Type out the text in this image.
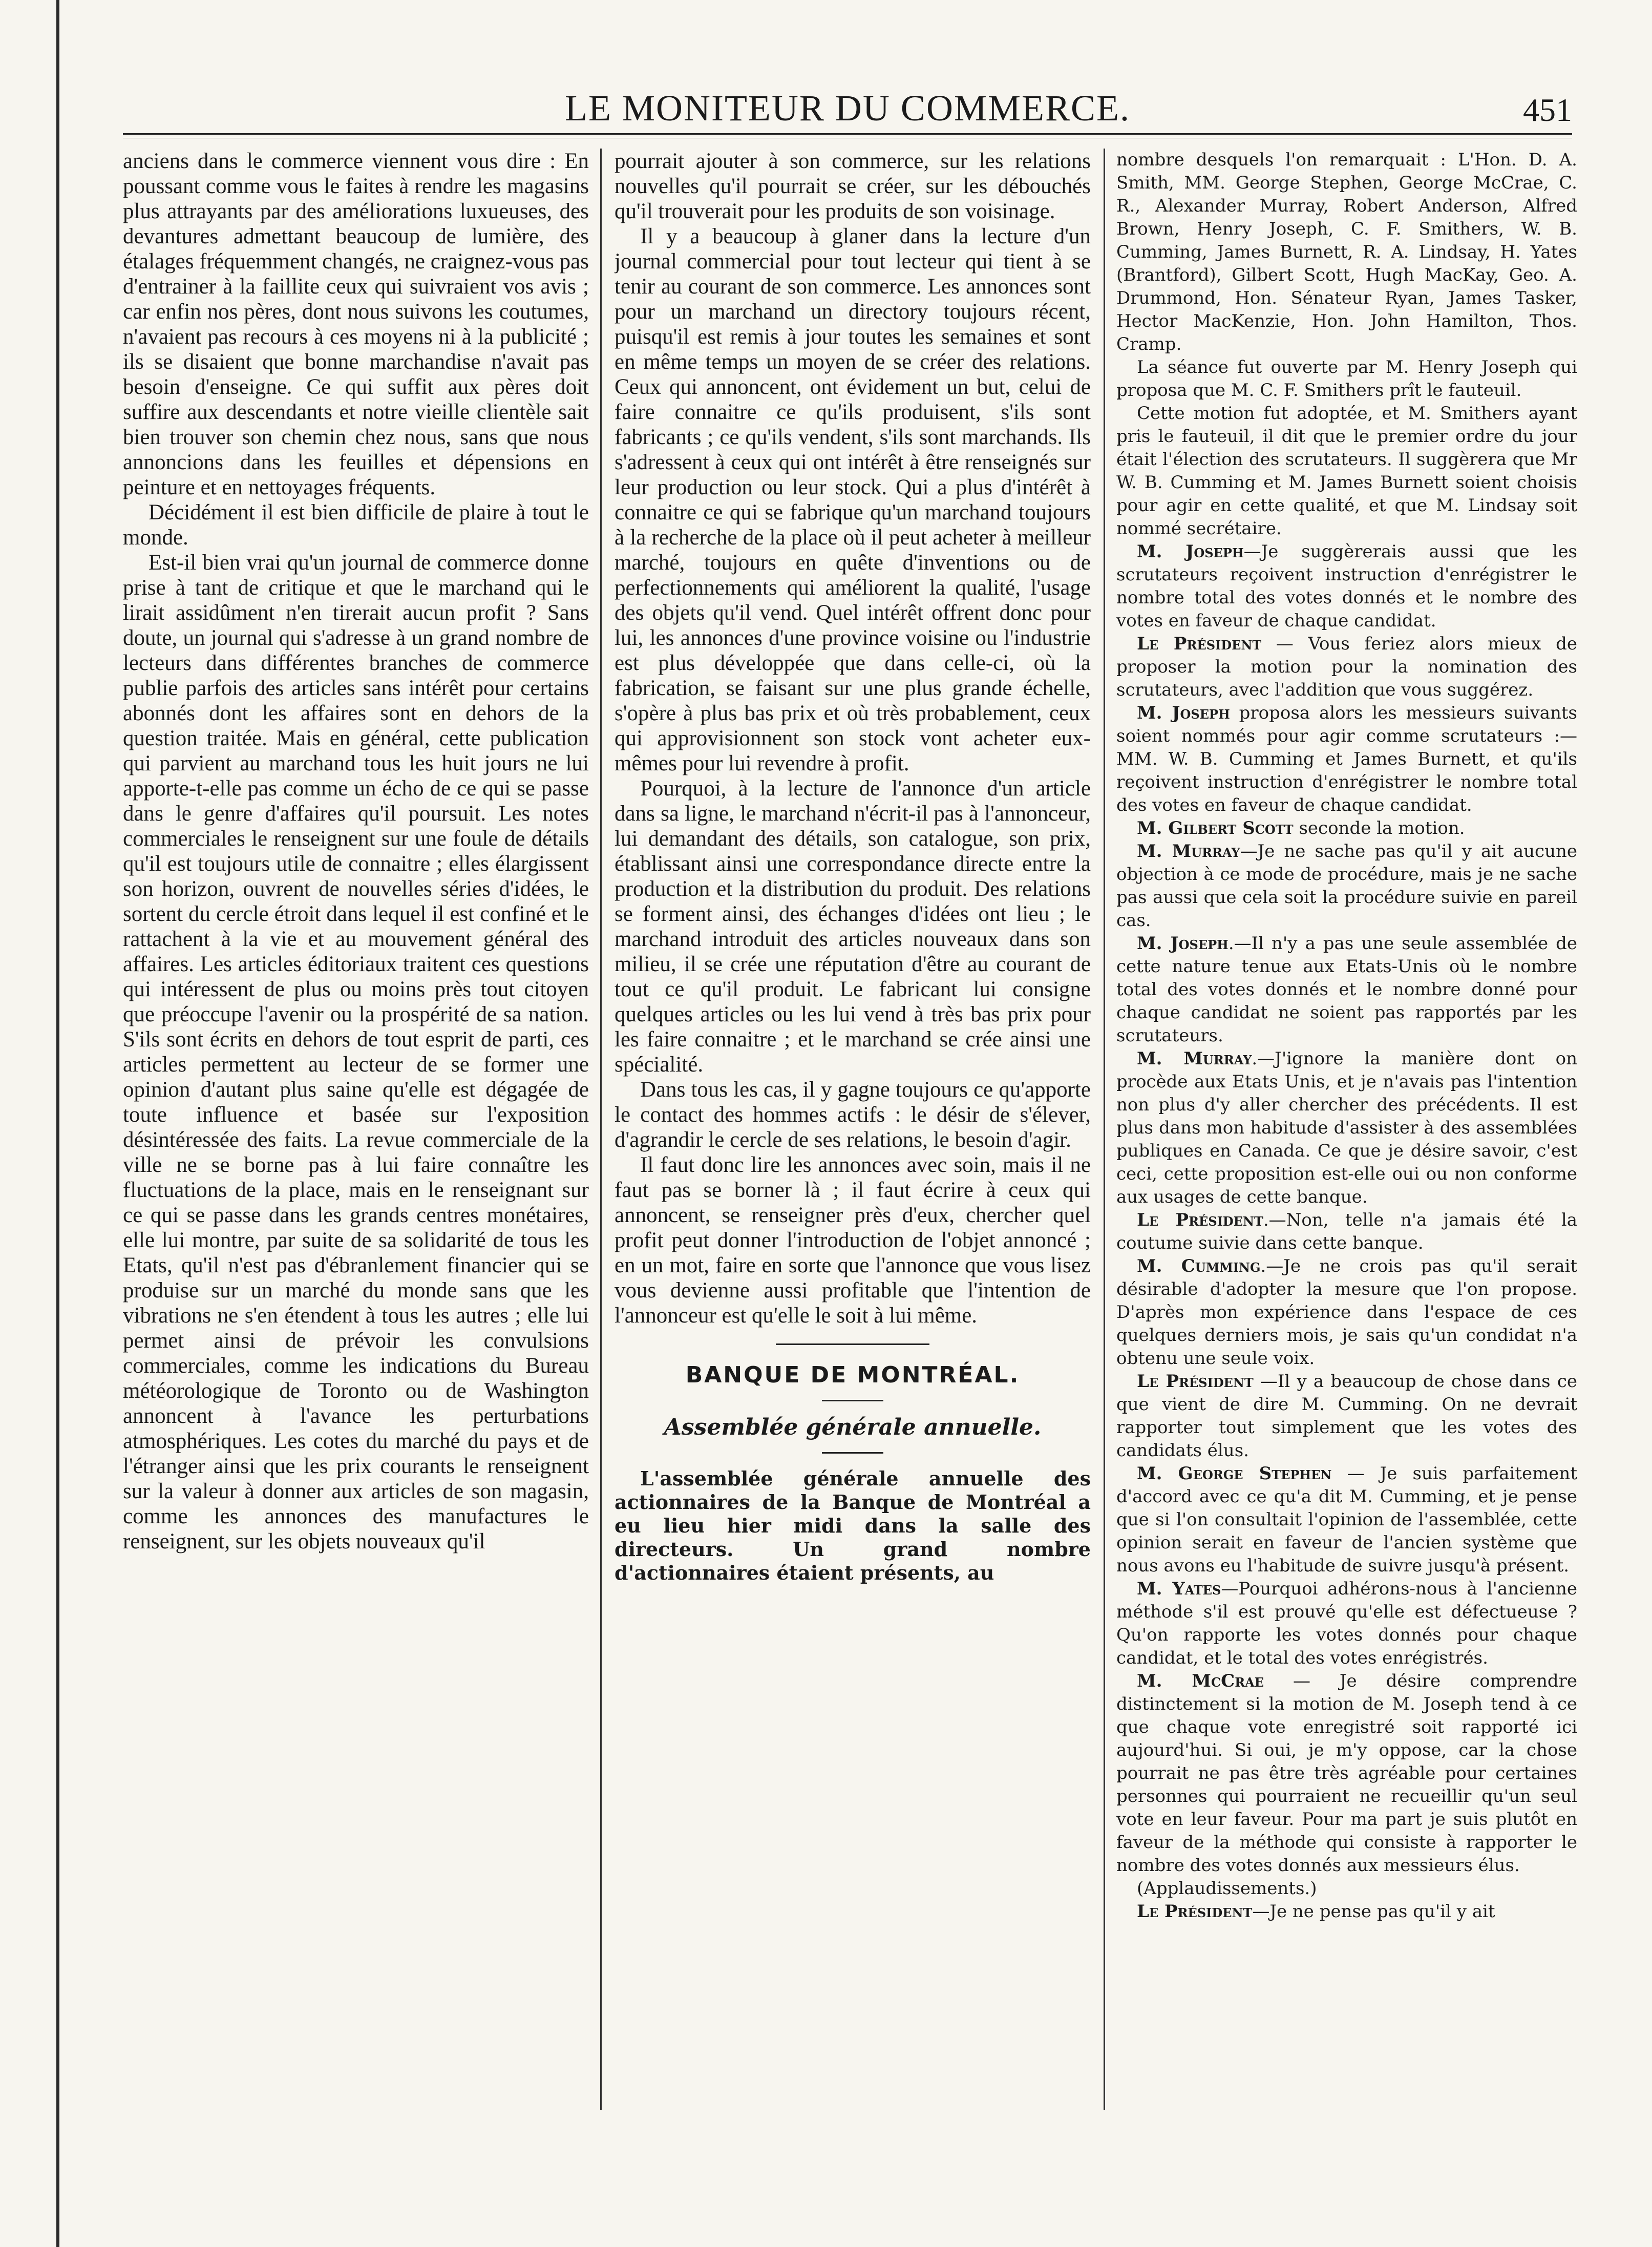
LE MONITEUR DU COMMERCE.	451

anciens dans le commerce viennent vous dire : En poussant comme vous le faites à rendre les magasins plus attrayants par des améliorations luxueuses, des devantures admettant beaucoup de lumière, des étalages fréquemment changés, ne craignez-vous pas d'entrainer à la faillite ceux qui suivraient vos avis ; car enfin nos pères, dont nous suivons les coutumes, n'avaient pas recours à ces moyens ni à la publicité ; ils se disaient que bonne marchandise n'avait pas besoin d'enseigne. Ce qui suffit aux pères doit suffire aux descendants et notre vieille clientèle sait bien trouver son chemin chez nous, sans que nous annoncions dans les feuilles et dépensions en peinture et en nettoyages fréquents.

Décidément il est bien difficile de plaire à tout le monde.

Est-il bien vrai qu'un journal de commerce donne prise à tant de critique et que le marchand qui le lirait assidûment n'en tirerait aucun profit ? Sans doute, un journal qui s'adresse à un grand nombre de lecteurs dans différentes branches de commerce publie parfois des articles sans intérêt pour certains abonnés dont les affaires sont en dehors de la question traitée. Mais en général, cette publication qui parvient au marchand tous les huit jours ne lui apporte-t-elle pas comme un écho de ce qui se passe dans le genre d'affaires qu'il poursuit. Les notes commerciales le renseignent sur une foule de détails qu'il est toujours utile de connaitre ; elles élargissent son horizon, ouvrent de nouvelles séries d'idées, le sortent du cercle étroit dans lequel il est confiné et le rattachent à la vie et au mouvement général des affaires. Les articles éditoriaux traitent ces questions qui intéressent de plus ou moins près tout citoyen que préoccupe l'avenir ou la prospérité de sa nation. S'ils sont écrits en dehors de tout esprit de parti, ces articles permettent au lecteur de se former une opinion d'autant plus saine qu'elle est dégagée de toute influence et basée sur l'exposition désintéressée des faits. La revue commerciale de la ville ne se borne pas à lui faire connaître les fluctuations de la place, mais en le renseignant sur ce qui se passe dans les grands centres monétaires, elle lui montre, par suite de sa solidarité de tous les Etats, qu'il n'est pas d'ébranlement financier qui se produise sur un marché du monde sans que les vibrations ne s'en étendent à tous les autres ; elle lui permet ainsi de prévoir les convulsions commerciales, comme les indications du Bureau météorologique de Toronto ou de Washington annoncent à l'avance les perturbations atmosphériques. Les cotes du marché du pays et de l'étranger ainsi que les prix courants le renseignent sur la valeur à donner aux articles de son magasin, comme les annonces des manufactures le renseignent, sur les objets nouveaux qu'il

pourrait ajouter à son commerce, sur les relations nouvelles qu'il pourrait se créer, sur les débouchés qu'il trouverait pour les produits de son voisinage.

Il y a beaucoup à glaner dans la lecture d'un journal commercial pour tout lecteur qui tient à se tenir au courant de son commerce. Les annonces sont pour un marchand un directory toujours récent, puisqu'il est remis à jour toutes les semaines et sont en même temps un moyen de se créer des relations. Ceux qui annoncent, ont évidement un but, celui de faire connaitre ce qu'ils produisent, s'ils sont fabricants ; ce qu'ils vendent, s'ils sont marchands. Ils s'adressent à ceux qui ont intérêt à être renseignés sur leur production ou leur stock. Qui a plus d'intérêt à connaitre ce qui se fabrique qu'un marchand toujours à la recherche de la place où il peut acheter à meilleur marché, toujours en quête d'inventions ou de perfectionnements qui améliorent la qualité, l'usage des objets qu'il vend. Quel intérêt offrent donc pour lui, les annonces d'une province voisine ou l'industrie est plus développée que dans celle-ci, où la fabrication, se faisant sur une plus grande échelle, s'opère à plus bas prix et où très probablement, ceux qui approvisionnent son stock vont acheter eux-mêmes pour lui revendre à profit.

Pourquoi, à la lecture de l'annonce d'un article dans sa ligne, le marchand n'écrit-il pas à l'annonceur, lui demandant des détails, son catalogue, son prix, établissant ainsi une correspondance directe entre la production et la distribution du produit. Des relations se forment ainsi, des échanges d'idées ont lieu ; le marchand introduit des articles nouveaux dans son milieu, il se crée une réputation d'être au courant de tout ce qu'il produit. Le fabricant lui consigne quelques articles ou les lui vend à très bas prix pour les faire connaitre ; et le marchand se crée ainsi une spécialité.

Dans tous les cas, il y gagne toujours ce qu'apporte le contact des hommes actifs : le désir de s'élever, d'agrandir le cercle de ses relations, le besoin d'agir.

Il faut donc lire les annonces avec soin, mais il ne faut pas se borner là ; il faut écrire à ceux qui annoncent, se renseigner près d'eux, chercher quel profit peut donner l'introduction de l'objet annoncé ; en un mot, faire en sorte que l'annonce que vous lisez vous devienne aussi profitable que l'intention de l'annonceur est qu'elle le soit à lui même.

BANQUE DE MONTRÉAL.
Assemblée générale annuelle.

L'assemblée générale annuelle des actionnaires de la Banque de Montréal a eu lieu hier midi dans la salle des directeurs. Un grand nombre d'actionnaires étaient présents, au

nombre desquels l'on remarquait : L'Hon. D. A. Smith, MM. George Stephen, George McCrae, C. R., Alexander Murray, Robert Anderson, Alfred Brown, Henry Joseph, C. F. Smithers, W. B. Cumming, James Burnett, R. A. Lindsay, H. Yates (Brantford), Gilbert Scott, Hugh MacKay, Geo. A. Drummond, Hon. Sénateur Ryan, James Tasker, Hector MacKenzie, Hon. John Hamilton, Thos. Cramp.

La séance fut ouverte par M. Henry Joseph qui proposa que M. C. F. Smithers prît le fauteuil.

Cette motion fut adoptée, et M. Smithers ayant pris le fauteuil, il dit que le premier ordre du jour était l'élection des scrutateurs. Il suggèrera que Mr W. B. Cumming et M. James Burnett soient choisis pour agir en cette qualité, et que M. Lindsay soit nommé secrétaire.

M. Joseph—Je suggèrerais aussi que les scrutateurs reçoivent instruction d'enrégistrer le nombre total des votes donnés et le nombre des votes en faveur de chaque candidat.

Le Président — Vous feriez alors mieux de proposer la motion pour la nomination des scrutateurs, avec l'addition que vous suggérez.

M. Joseph proposa alors les messieurs suivants soient nommés pour agir comme scrutateurs :— MM. W. B. Cumming et James Burnett, et qu'ils reçoivent instruction d'enrégistrer le nombre total des votes en faveur de chaque candidat.

M. Gilbert Scott seconde la motion.

M. Murray—Je ne sache pas qu'il y ait aucune objection à ce mode de procédure, mais je ne sache pas aussi que cela soit la procédure suivie en pareil cas.

M. Joseph.—Il n'y a pas une seule assemblée de cette nature tenue aux Etats-Unis où le nombre total des votes donnés et le nombre donné pour chaque candidat ne soient pas rapportés par les scrutateurs.

M. Murray.—J'ignore la manière dont on procède aux Etats Unis, et je n'avais pas l'intention non plus d'y aller chercher des précédents. Il est plus dans mon habitude d'assister à des assemblées publiques en Canada. Ce que je désire savoir, c'est ceci, cette proposition est-elle oui ou non conforme aux usages de cette banque.

Le Président.—Non, telle n'a jamais été la coutume suivie dans cette banque.

M. Cumming.—Je ne crois pas qu'il serait désirable d'adopter la mesure que l'on propose. D'après mon expérience dans l'espace de ces quelques derniers mois, je sais qu'un condidat n'a obtenu une seule voix.

Le Président —Il y a beaucoup de chose dans ce que vient de dire M. Cumming. On ne devrait rapporter tout simplement que les votes des candidats élus.

M. George Stephen — Je suis parfaitement d'accord avec ce qu'a dit M. Cumming, et je pense que si l'on consultait l'opinion de l'assemblée, cette opinion serait en faveur de l'ancien système que nous avons eu l'habitude de suivre jusqu'à présent.

M. Yates—Pourquoi adhérons-nous à l'ancienne méthode s'il est prouvé qu'elle est défectueuse ? Qu'on rapporte les votes donnés pour chaque candidat, et le total des votes enrégistrés.

M. McCrae — Je désire comprendre distinctement si la motion de M. Joseph tend à ce que chaque vote enregistré soit rapporté ici aujourd'hui. Si oui, je m'y oppose, car la chose pourrait ne pas être très agréable pour certaines personnes qui pourraient ne recueillir qu'un seul vote en leur faveur. Pour ma part je suis plutôt en faveur de la méthode qui consiste à rapporter le nombre des votes donnés aux messieurs élus.

(Applaudissements.)

Le Président—Je ne pense pas qu'il y ait
